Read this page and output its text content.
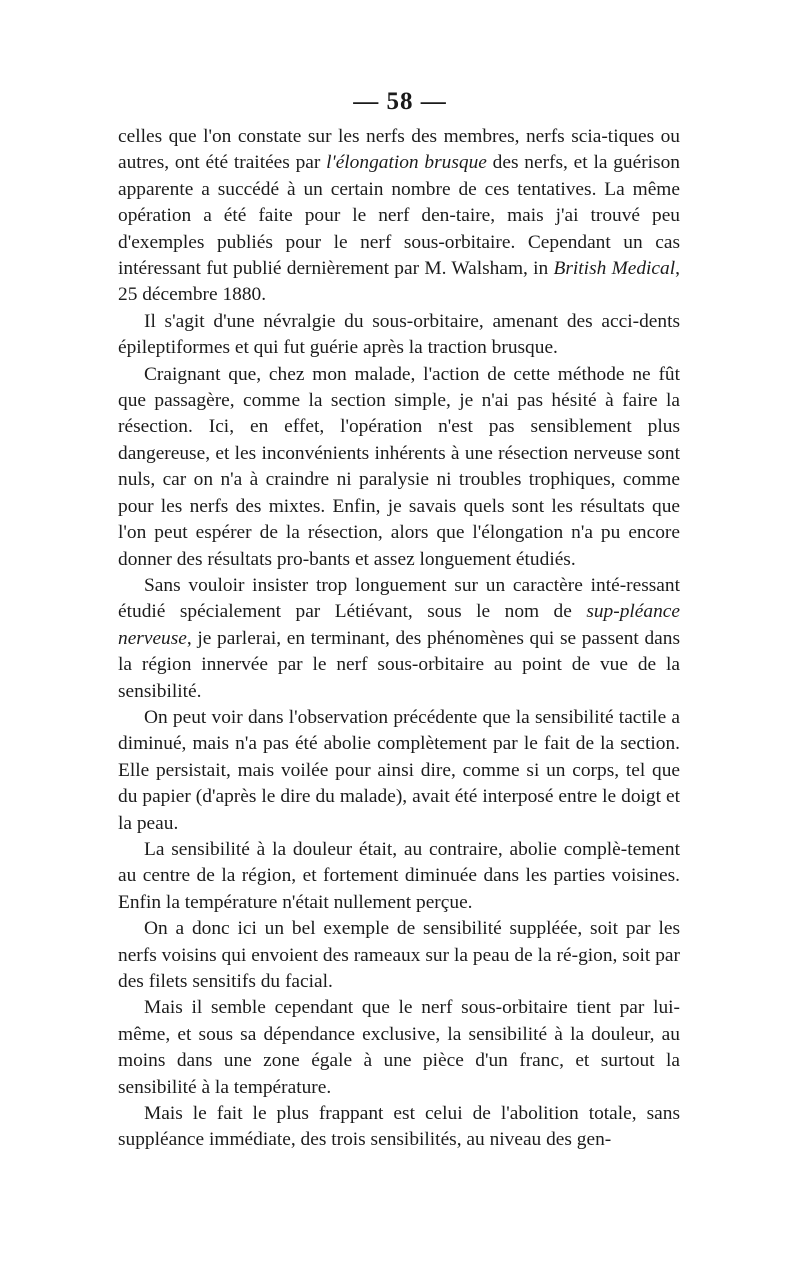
— 58 —

celles que l'on constate sur les nerfs des membres, nerfs scia-tiques ou autres, ont été traitées par l'élongation brusque des nerfs, et la guérison apparente a succédé à un certain nombre de ces tentatives. La même opération a été faite pour le nerf den-taire, mais j'ai trouvé peu d'exemples publiés pour le nerf sous-orbitaire. Cependant un cas intéressant fut publié dernièrement par M. Walsham, in British Medical, 25 décembre 1880.

Il s'agit d'une névralgie du sous-orbitaire, amenant des acci-dents épileptiformes et qui fut guérie après la traction brusque.

Craignant que, chez mon malade, l'action de cette méthode ne fût que passagère, comme la section simple, je n'ai pas hésité à faire la résection. Ici, en effet, l'opération n'est pas sensiblement plus dangereuse, et les inconvénients inhérents à une résection nerveuse sont nuls, car on n'a à craindre ni paralysie ni troubles trophiques, comme pour les nerfs des mixtes. Enfin, je savais quels sont les résultats que l'on peut espérer de la résection, alors que l'élongation n'a pu encore donner des résultats pro-bants et assez longuement étudiés.

Sans vouloir insister trop longuement sur un caractère inté-ressant étudié spécialement par Létiévant, sous le nom de sup-pléance nerveuse, je parlerai, en terminant, des phénomènes qui se passent dans la région innervée par le nerf sous-orbitaire au point de vue de la sensibilité.

On peut voir dans l'observation précédente que la sensibilité tactile a diminué, mais n'a pas été abolie complètement par le fait de la section. Elle persistait, mais voilée pour ainsi dire, comme si un corps, tel que du papier (d'après le dire du malade), avait été interposé entre le doigt et la peau.

La sensibilité à la douleur était, au contraire, abolie complè-tement au centre de la région, et fortement diminuée dans les parties voisines. Enfin la température n'était nullement perçue.

On a donc ici un bel exemple de sensibilité suppléée, soit par les nerfs voisins qui envoient des rameaux sur la peau de la ré-gion, soit par des filets sensitifs du facial.

Mais il semble cependant que le nerf sous-orbitaire tient par lui-même, et sous sa dépendance exclusive, la sensibilité à la douleur, au moins dans une zone égale à une pièce d'un franc, et surtout la sensibilité à la température.

Mais le fait le plus frappant est celui de l'abolition totale, sans suppléance immédiate, des trois sensibilités, au niveau des gen-
